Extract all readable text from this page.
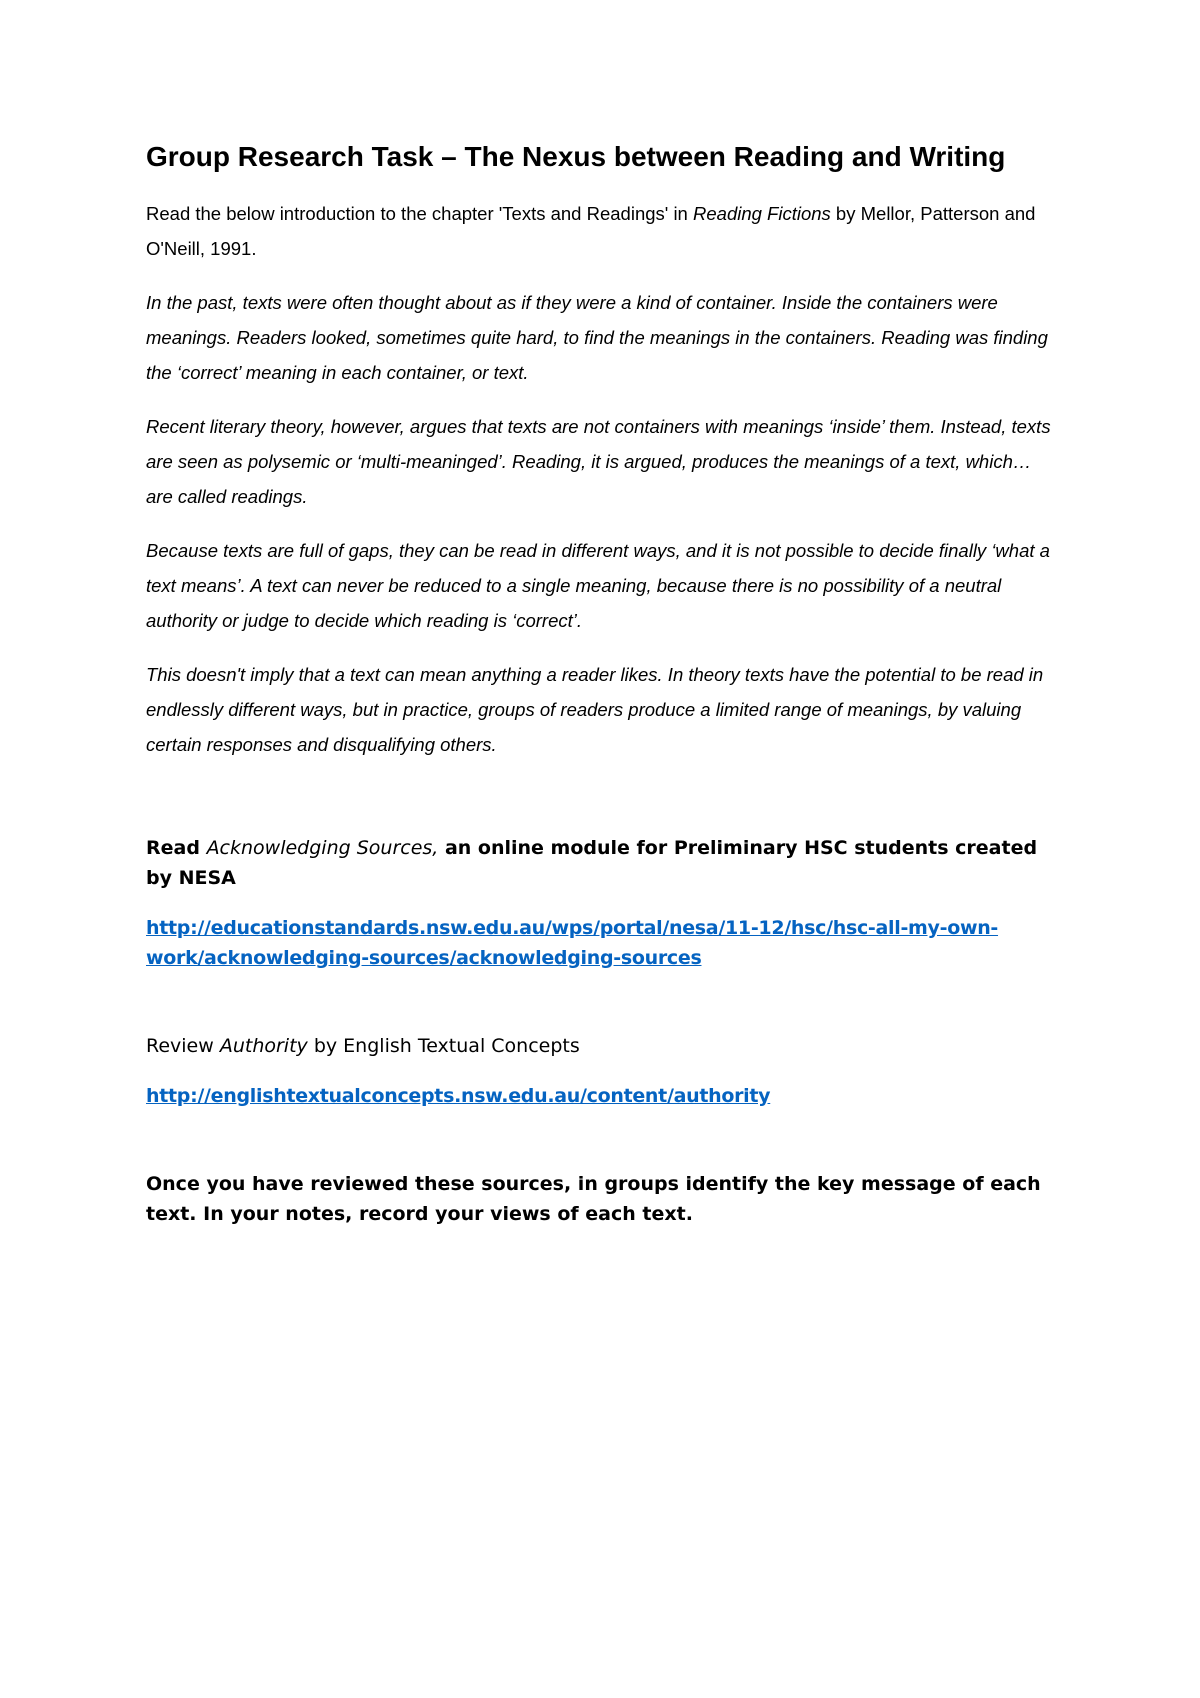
Group Research Task – The Nexus between Reading and Writing

Read the below introduction to the chapter 'Texts and Readings' in Reading Fictions by Mellor, Patterson and O'Neill, 1991.

In the past, texts were often thought about as if they were a kind of container. Inside the containers were meanings. Readers looked, sometimes quite hard, to find the meanings in the containers. Reading was finding the ‘correct’ meaning in each container, or text.

Recent literary theory, however, argues that texts are not containers with meanings ‘inside’ them. Instead, texts are seen as polysemic or ‘multi-meaninged’. Reading, it is argued, produces the meanings of a text, which…are called readings.

Because texts are full of gaps, they can be read in different ways, and it is not possible to decide finally ‘what a text means’. A text can never be reduced to a single meaning, because there is no possibility of a neutral authority or judge to decide which reading is ‘correct’.

This doesn't imply that a text can mean anything a reader likes. In theory texts have the potential to be read in endlessly different ways, but in practice, groups of readers produce a limited range of meanings, by valuing certain responses and disqualifying others.

Read Acknowledging Sources, an online module for Preliminary HSC students created by NESA

http://educationstandards.nsw.edu.au/wps/portal/nesa/11-12/hsc/hsc-all-my-own-
work/acknowledging-sources/acknowledging-sources

Review Authority by English Textual Concepts

http://englishtextualconcepts.nsw.edu.au/content/authority

Once you have reviewed these sources, in groups identify the key message of each text. In your notes, record your views of each text.
